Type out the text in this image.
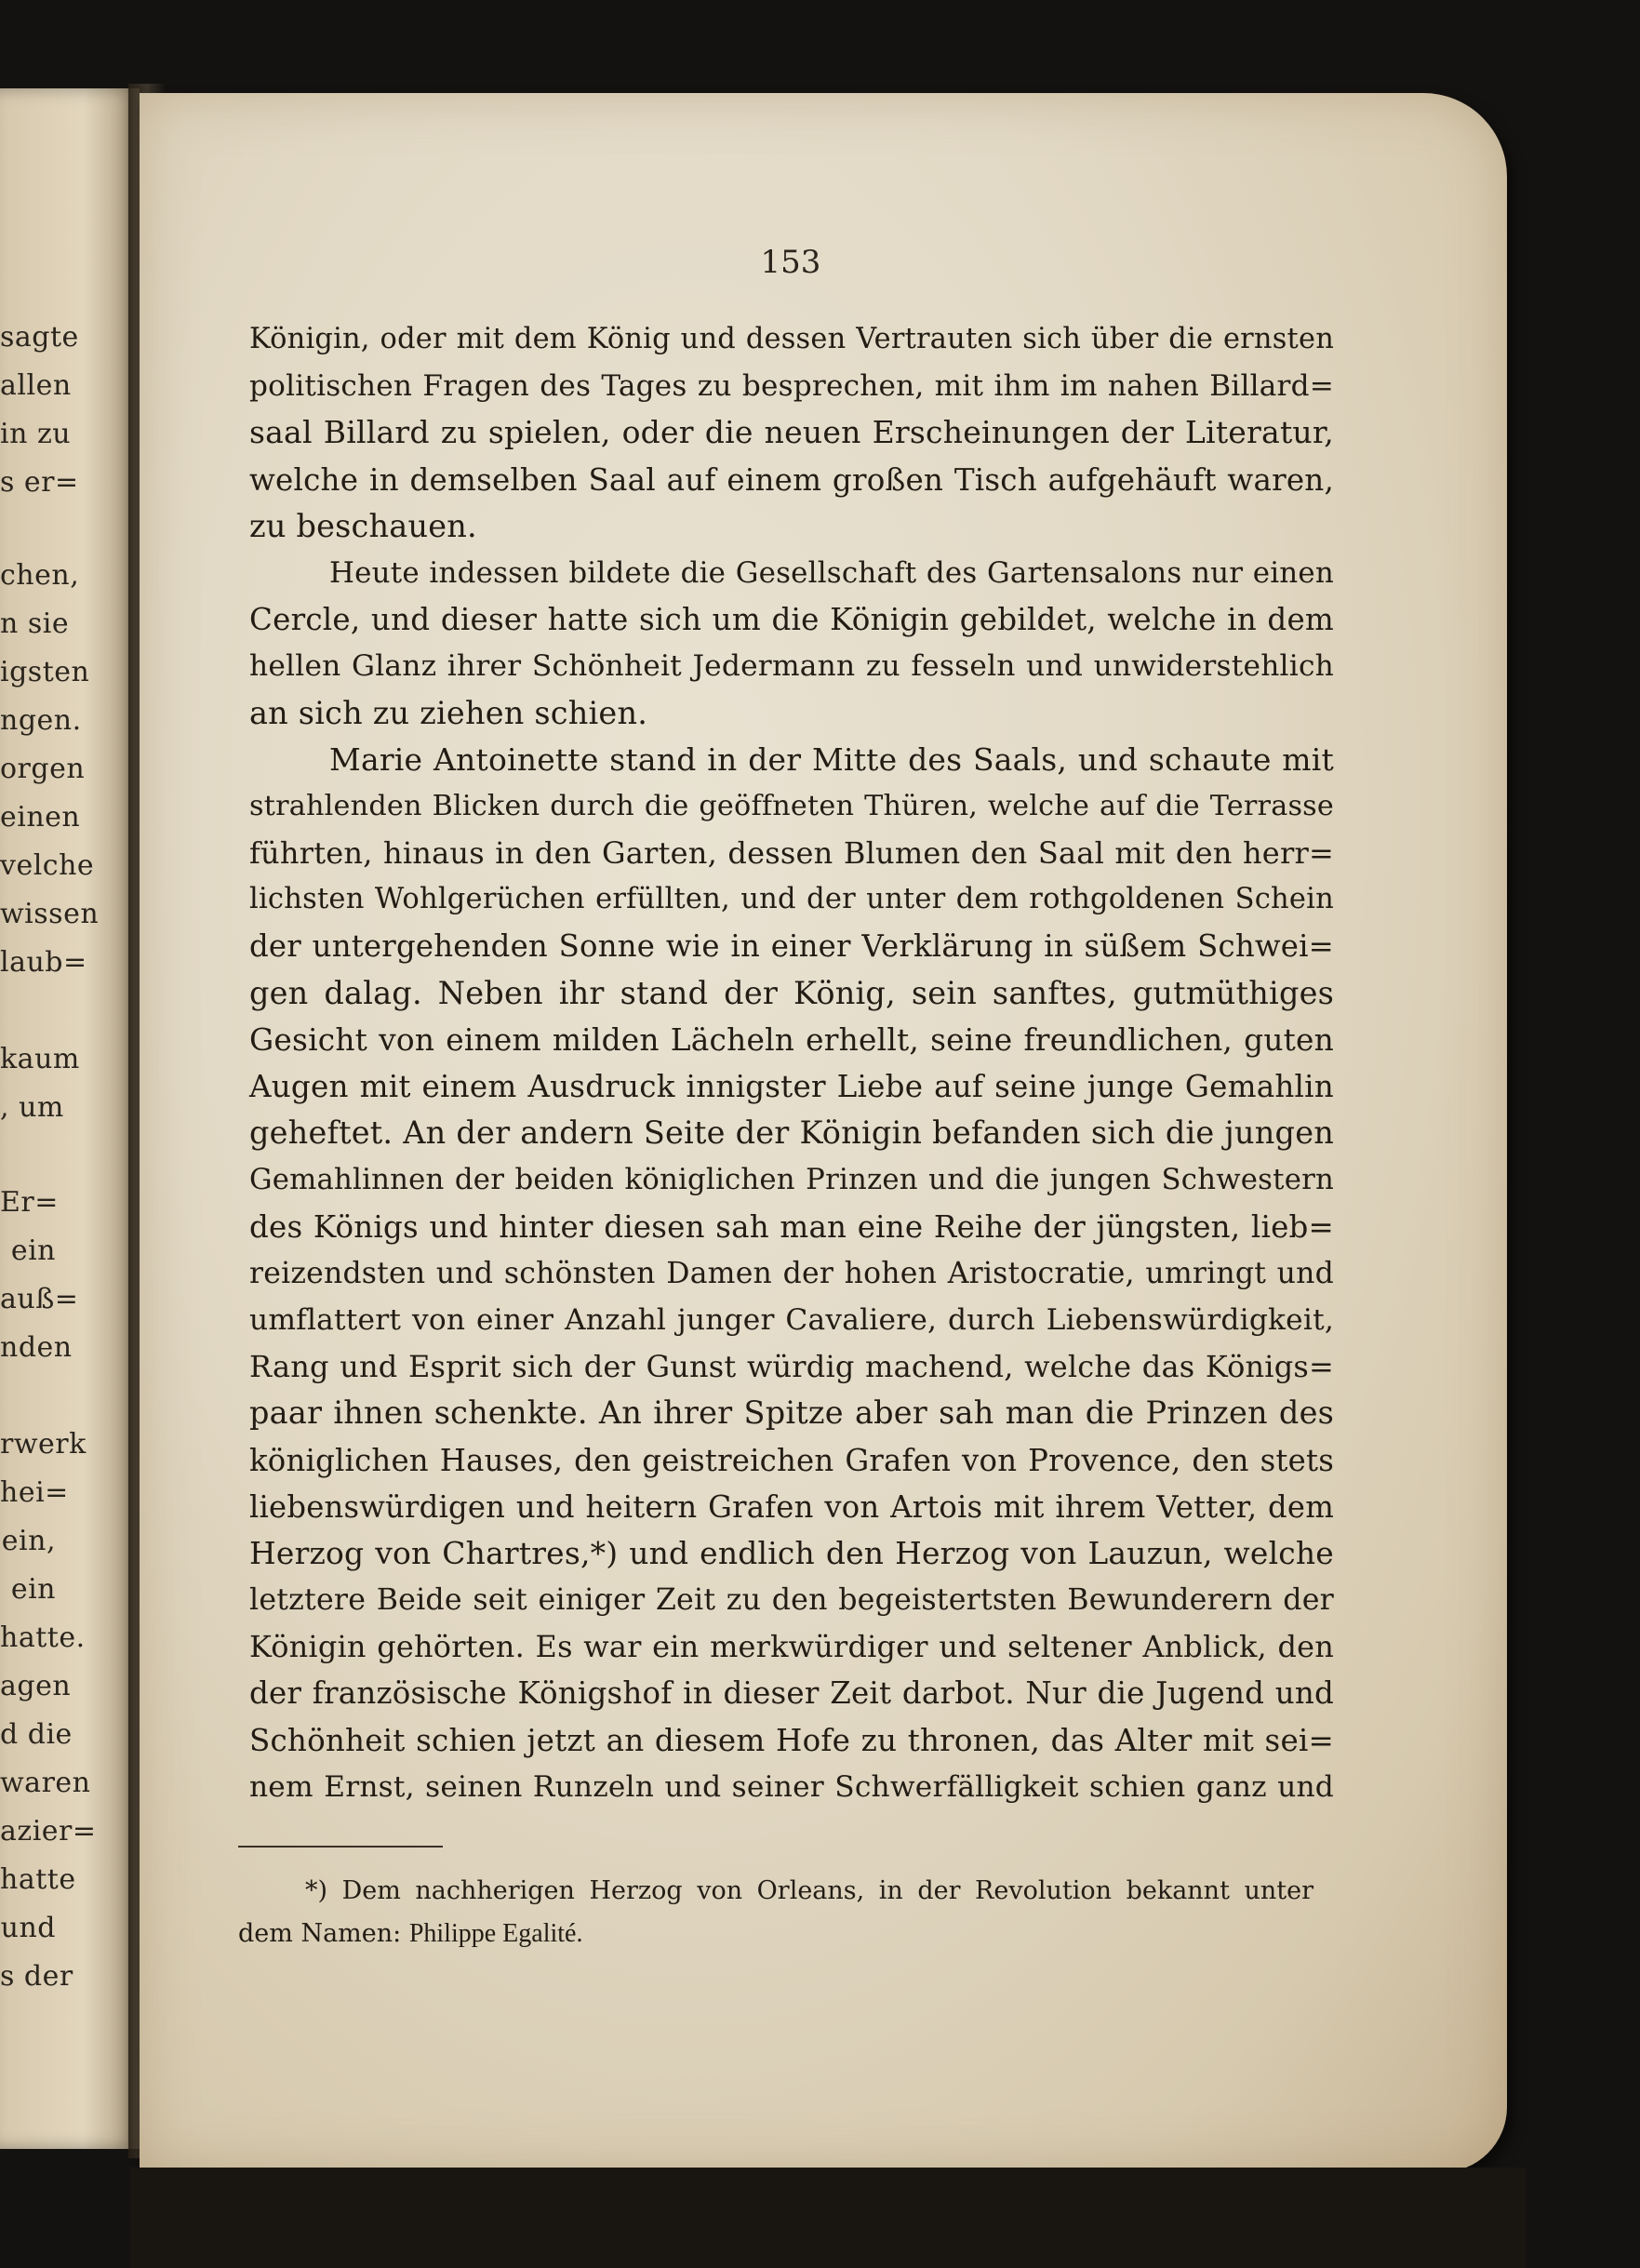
sagte
allen
in zu
s er=
chen,
n sie
igsten
ngen.
orgen
einen
velche
wissen
laub=
kaum
, um
Er=
ein
auß=
nden
rwerk
hei=
ein,
ein
hatte.
agen
d die
waren
azier=
hatte
und
s der
153
Königin, oder mit dem König und dessen Vertrauten sich über die ernsten
politischen Fragen des Tages zu besprechen, mit ihm im nahen Billard=
saal Billard zu spielen, oder die neuen Erscheinungen der Literatur,
welche in demselben Saal auf einem großen Tisch aufgehäuft waren,
zu beschauen.
Heute indessen bildete die Gesellschaft des Gartensalons nur einen
Cercle, und dieser hatte sich um die Königin gebildet, welche in dem
hellen Glanz ihrer Schönheit Jedermann zu fesseln und unwiderstehlich
an sich zu ziehen schien.
Marie Antoinette stand in der Mitte des Saals, und schaute mit
strahlenden Blicken durch die geöffneten Thüren, welche auf die Terrasse
führten, hinaus in den Garten, dessen Blumen den Saal mit den herr=
lichsten Wohlgerüchen erfüllten, und der unter dem rothgoldenen Schein
der untergehenden Sonne wie in einer Verklärung in süßem Schwei=
gen dalag. Neben ihr stand der König, sein sanftes, gutmüthiges
Gesicht von einem milden Lächeln erhellt, seine freundlichen, guten
Augen mit einem Ausdruck innigster Liebe auf seine junge Gemahlin
geheftet. An der andern Seite der Königin befanden sich die jungen
Gemahlinnen der beiden königlichen Prinzen und die jungen Schwestern
des Königs und hinter diesen sah man eine Reihe der jüngsten, lieb=
reizendsten und schönsten Damen der hohen Aristocratie, umringt und
umflattert von einer Anzahl junger Cavaliere, durch Liebenswürdigkeit,
Rang und Esprit sich der Gunst würdig machend, welche das Königs=
paar ihnen schenkte. An ihrer Spitze aber sah man die Prinzen des
königlichen Hauses, den geistreichen Grafen von Provence, den stets
liebenswürdigen und heitern Grafen von Artois mit ihrem Vetter, dem
Herzog von Chartres,*) und endlich den Herzog von Lauzun, welche
letztere Beide seit einiger Zeit zu den begeistertsten Bewunderern der
Königin gehörten. Es war ein merkwürdiger und seltener Anblick, den
der französische Königshof in dieser Zeit darbot. Nur die Jugend und
Schönheit schien jetzt an diesem Hofe zu thronen, das Alter mit sei=
nem Ernst, seinen Runzeln und seiner Schwerfälligkeit schien ganz und
*) Dem nachherigen Herzog von Orleans, in der Revolution bekannt unter
dem Namen: Philippe Egalité.
